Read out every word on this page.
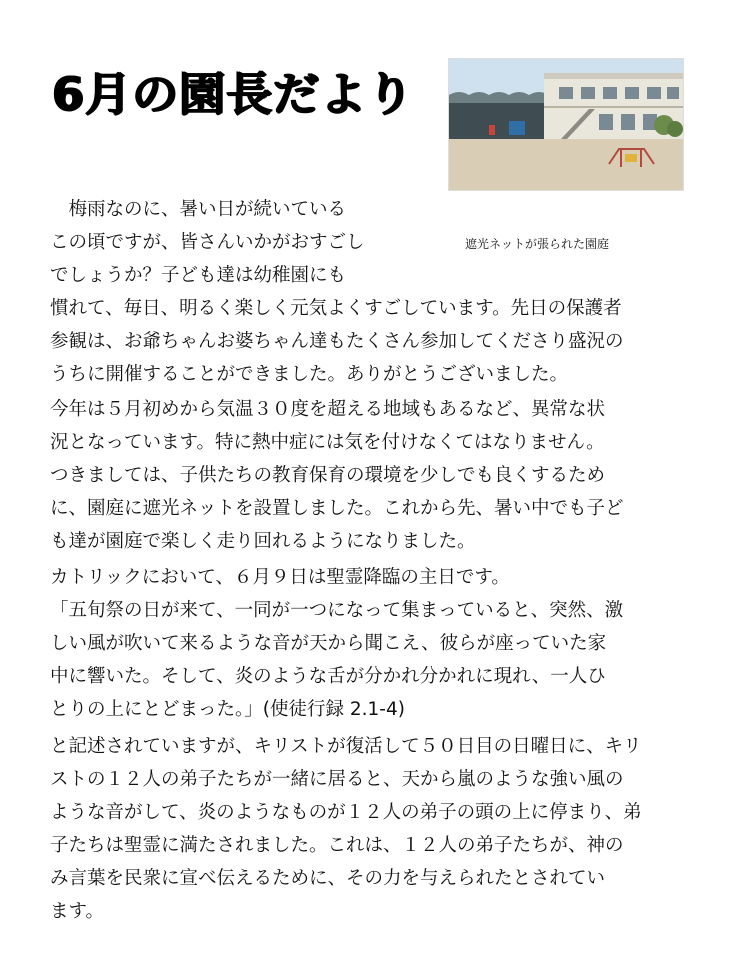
6月の園長だより
遮光ネットが張られた園庭
　梅雨なのに、暑い日が続いている
この頃ですが、皆さんいかがおすごし
でしょうか？子ども達は幼稚園にも
慣れて、毎日、明るく楽しく元気よくすごしています。先日の保護者
参観は、お爺ちゃんお婆ちゃん達もたくさん参加してくださり盛況の
うちに開催することができました。ありがとうございました。
今年は５月初めから気温３０度を超える地域もあるなど、異常な状
況となっています。特に熱中症には気を付けなくてはなりません。
つきましては、子供たちの教育保育の環境を少しでも良くするため
に、園庭に遮光ネットを設置しました。これから先、暑い中でも子ど
も達が園庭で楽しく走り回れるようになりました。
カトリックにおいて、６月９日は聖霊降臨の主日です。
「五旬祭の日が来て、一同が一つになって集まっていると、突然、激
しい風が吹いて来るような音が天から聞こえ、彼らが座っていた家
中に響いた。そして、炎のような舌が分かれ分かれに現れ、一人ひ
とりの上にとどまった。」(使徒行録 2.1-4)
と記述されていますが、キリストが復活して５０日目の日曜日に、キリ
ストの１２人の弟子たちが一緒に居ると、天から嵐のような強い風の
ような音がして、炎のようなものが１２人の弟子の頭の上に停まり、弟
子たちは聖霊に満たされました。これは、１２人の弟子たちが、神の
み言葉を民衆に宣べ伝えるために、その力を与えられたとされてい
ます。
